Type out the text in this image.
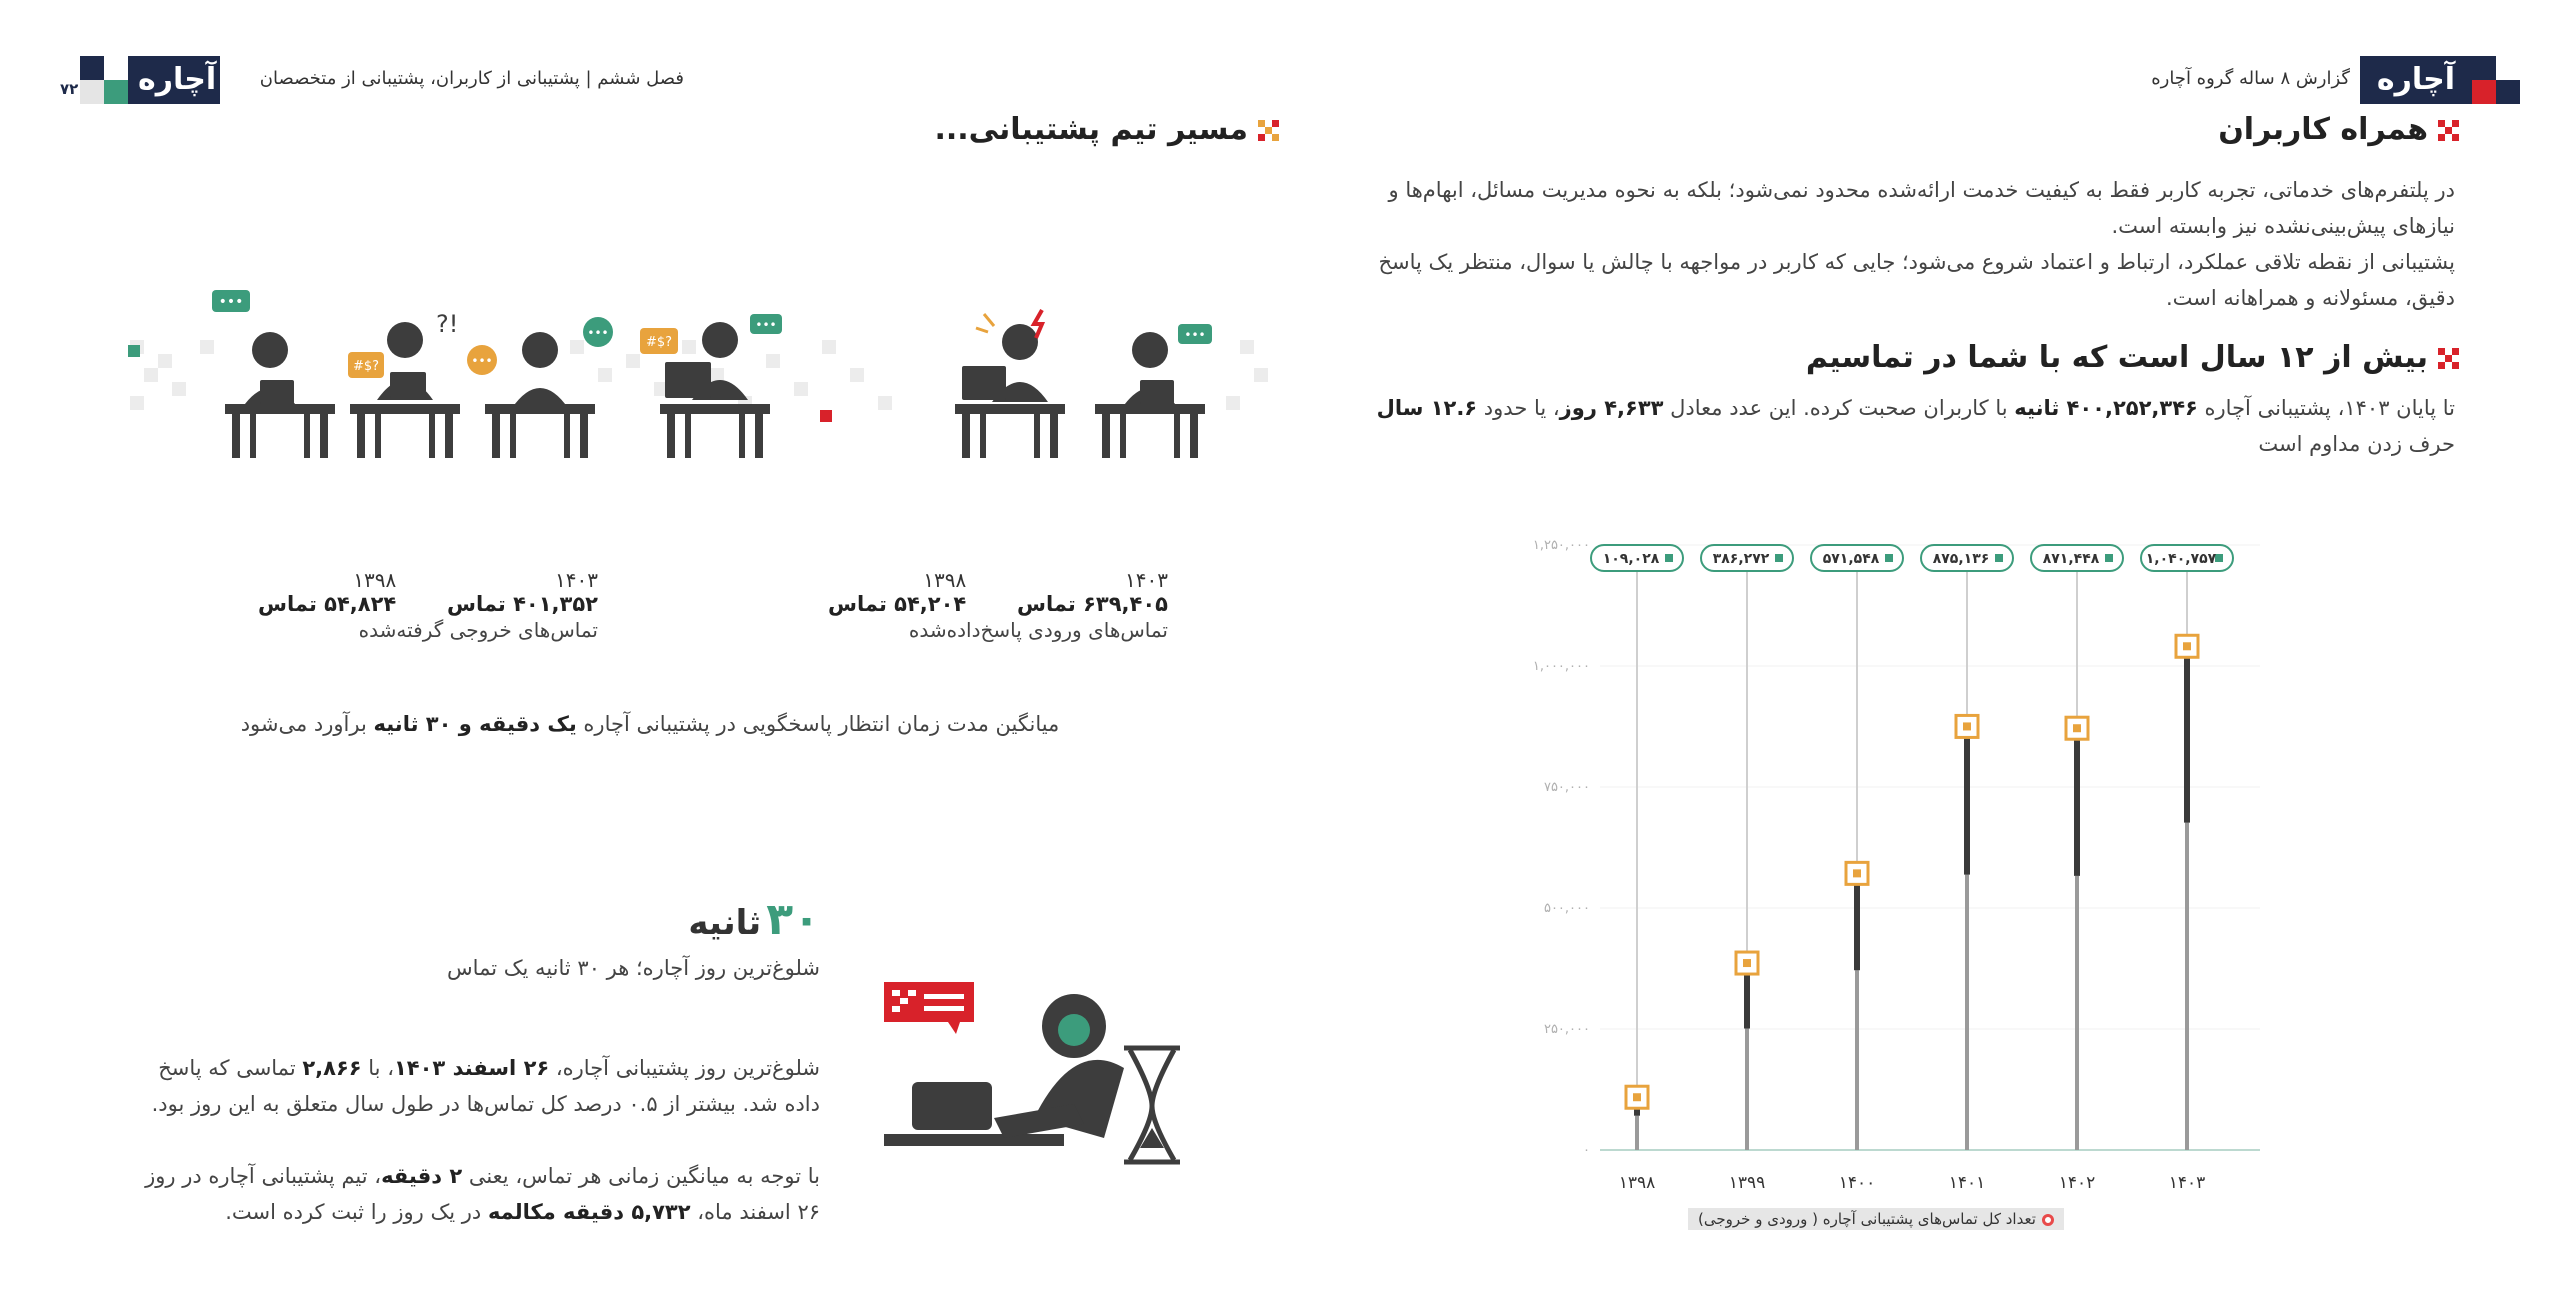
آچاره
گزارش ۸ ساله گروه آچاره
۷۲	آچاره فصل ششم | پشتیبانی از کاربران، پشتیبانی از متخصصان
همراه کاربران
در پلتفرم‌های خدماتی، تجربه کاربر فقط به کیفیت خدمت ارائه‌شده محدود نمی‌شود؛ بلکه به نحوه مدیریت مسائل، ابهام‌ها و نیازهای پیش‌بینی‌نشده نیز وابسته است.
پشتیبانی از نقطه تلاقی عملکرد، ارتباط و اعتماد شروع می‌شود؛ جایی که کاربر در مواجهه با چالش یا سوال، منتظر یک پاسخ دقیق، مسئولانه و همراهانه است.
بیش از ۱۲ سال است که با شما در تماسیم
تا پایان ۱۴۰۳، پشتیبانی آچاره ۴۰۰,۲۵۲,۳۴۶ ثانیه با کاربران صحبت کرده. این عدد معادل ۴,۶۳۳ روز، یا حدود ۱۲.۶ سال حرف زدن مداوم است
۰
۲۵۰,۰۰۰
۵۰۰,۰۰۰
۷۵۰,۰۰۰
۱,۰۰۰,۰۰۰
۱,۲۵۰,۰۰۰
۱۰۹,۰۲۸
۱۳۹۸
۳۸۶,۲۷۲
۱۳۹۹
۵۷۱,۵۴۸
۱۴۰۰
۸۷۵,۱۳۶
۱۴۰۱
۸۷۱,۴۴۸
۱۴۰۲
۱,۰۴۰,۷۵۷
۱۴۰۳
تعداد کل تماس‌های پشتیبانی آچاره ( ورودی و خروجی)
مسیر تیم پشتیبانی...
•••
#$?
?!
•••
•••
#$?
•••
•••
۱۴۰۳
۶۳۹,۴۰۵ تماس
۱۳۹۸
۵۴,۲۰۴ تماس
تماس‌های ورودی پاسخ‌داده‌شده
۱۴۰۳
۴۰۱,۳۵۲ تماس
۱۳۹۸
۵۴,۸۲۴ تماس
تماس‌های خروجی گرفته‌شده
میانگین مدت زمان انتظار پاسخگویی در پشتیبانی آچاره یک دقیقه و ۳۰ ثانیه برآورد می‌شود
۳۰ ثانیه
شلوغ‌ترین روز آچاره؛ هر ۳۰ ثانیه یک تماس
شلوغ‌ترین روز پشتیبانی آچاره، ۲۶ اسفند ۱۴۰۳، با ۲,۸۶۶ تماسی که پاسخ داده شد. بیشتر از ۰.۵ درصد کل تماس‌ها در طول سال متعلق به این روز بود.
با توجه به میانگین زمانی هر تماس، یعنی ۲ دقیقه، تیم پشتیبانی آچاره در روز ۲۶ اسفند ماه، ۵,۷۳۲ دقیقه مکالمه در یک روز را ثبت کرده است.
